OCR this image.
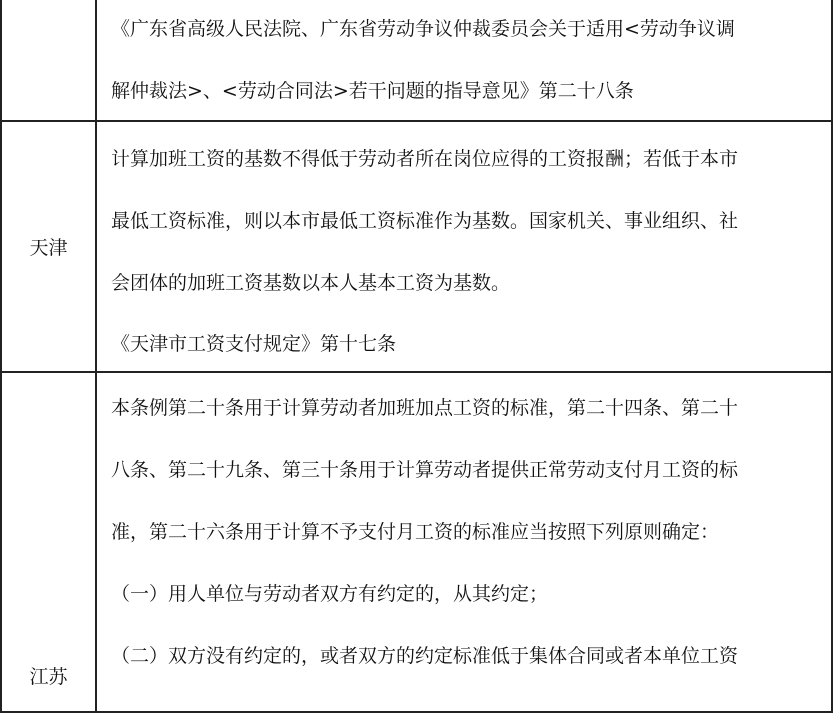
《广东省高级人民法院、广东省劳动争议仲裁委员会关于适用<劳动争议调
解仲裁法>、<劳动合同法>若干问题的指导意见》第二十八条
天津
计算加班工资的基数不得低于劳动者所在岗位应得的工资报酬；若低于本市
最低工资标准，则以本市最低工资标准作为基数。国家机关、事业组织、社
会团体的加班工资基数以本人基本工资为基数。
《天津市工资支付规定》第十七条
江苏
本条例第二十条用于计算劳动者加班加点工资的标准，第二十四条、第二十
八条、第二十九条、第三十条用于计算劳动者提供正常劳动支付月工资的标
准，第二十六条用于计算不予支付月工资的标准应当按照下列原则确定：
（一）用人单位与劳动者双方有约定的，从其约定；
（二）双方没有约定的，或者双方的约定标准低于集体合同或者本单位工资
